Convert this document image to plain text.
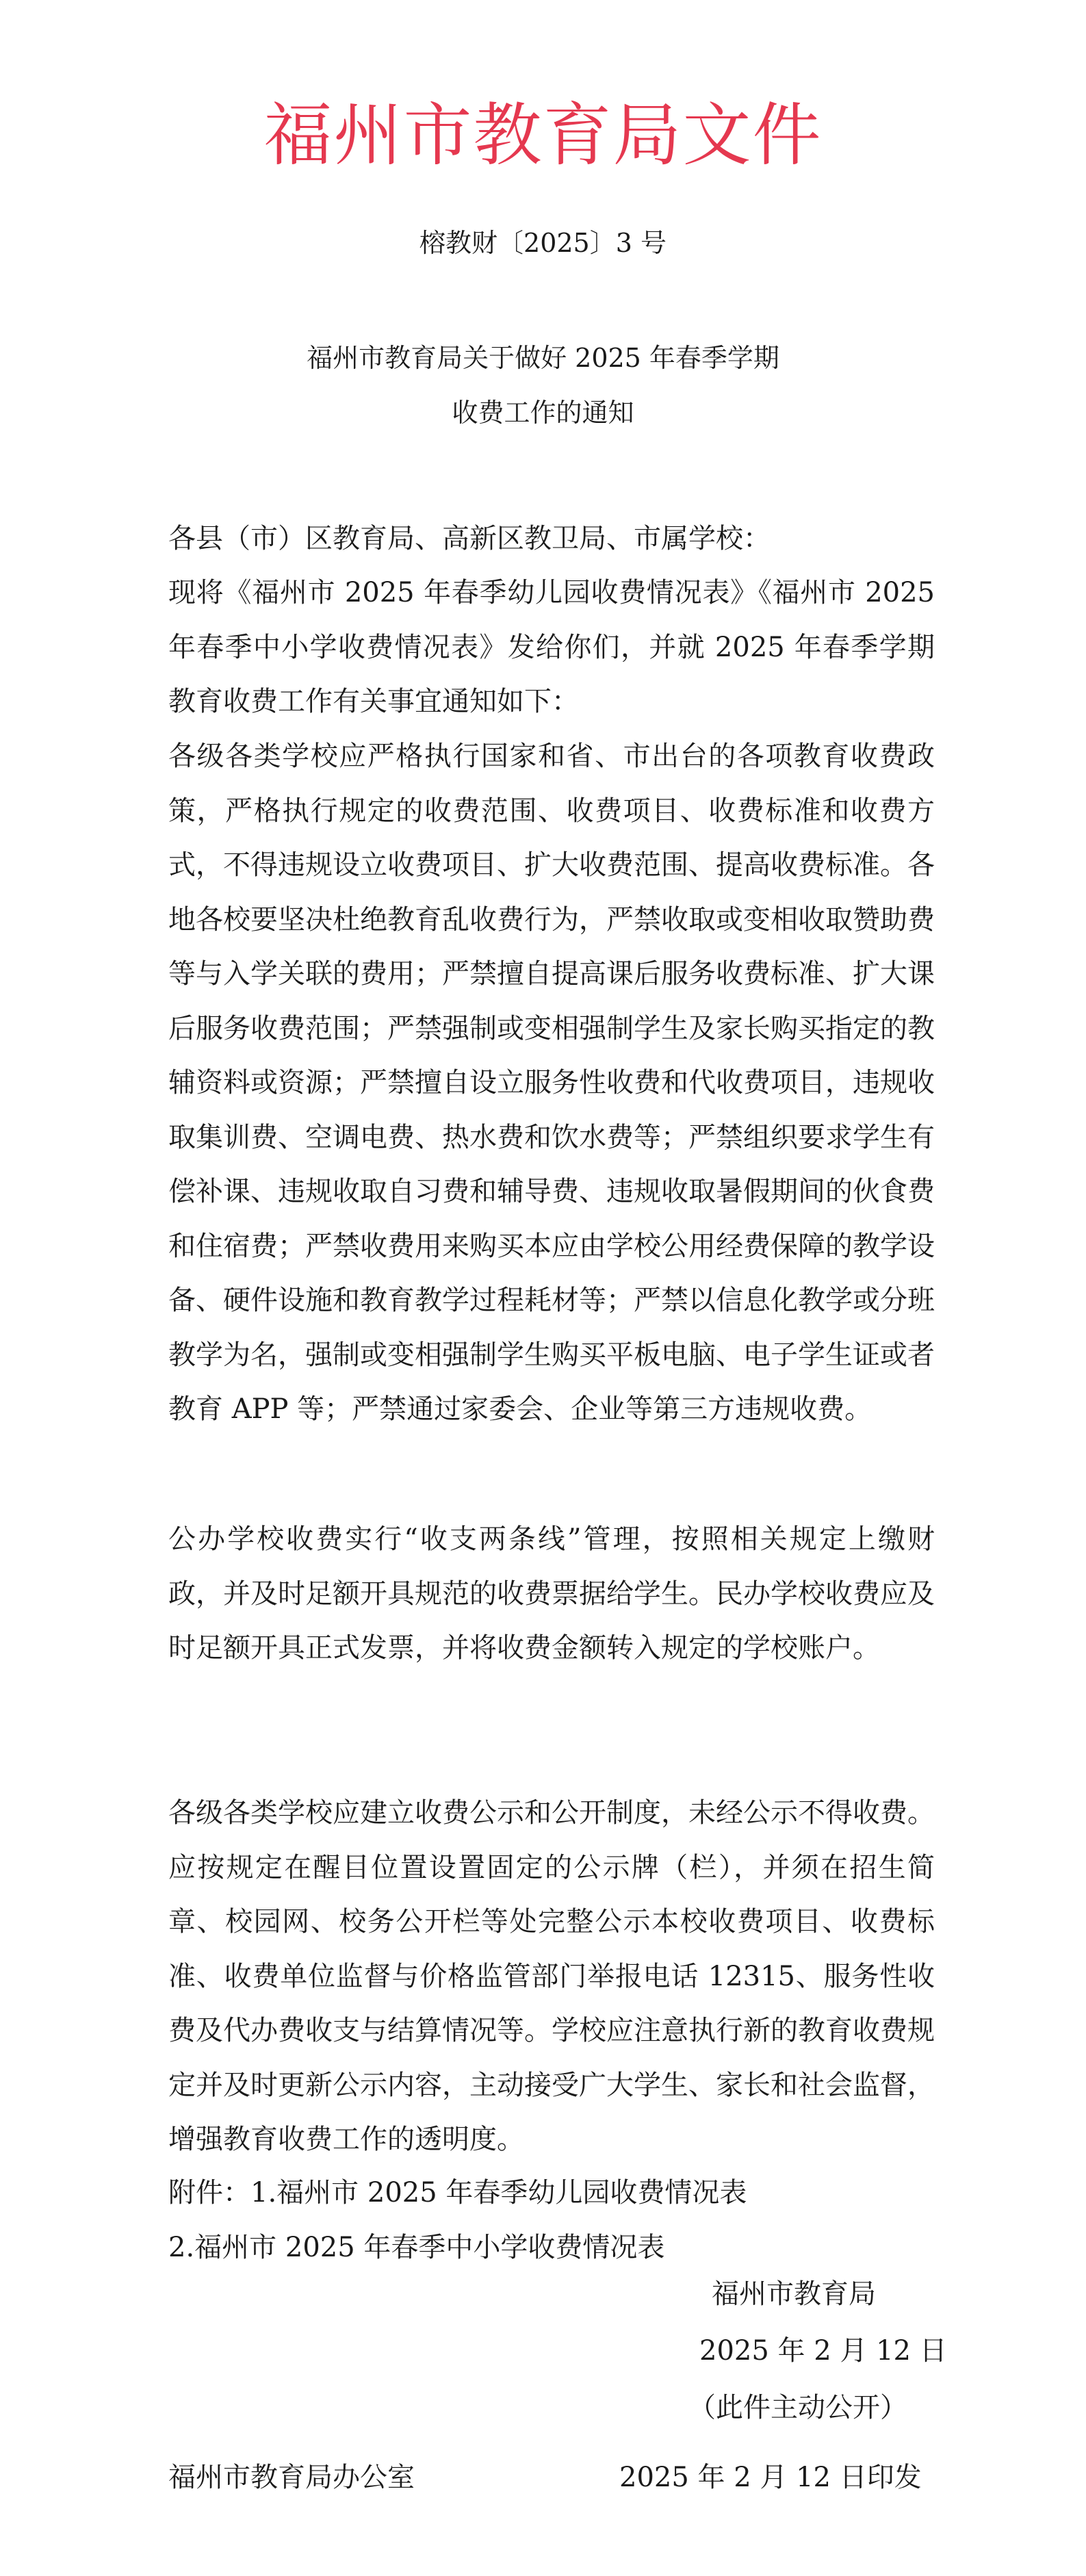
福州市教育局文件
榕教财〔2025〕3 号
福州市教育局关于做好 2025 年春季学期
收费工作的通知

各县（市）区教育局、高新区教卫局、市属学校：

现将《福州市 2025 年春季幼儿园收费情况表》《福州市 2025 年春季中小学收费情况表》发给你们，并就 2025 年春季学期教育收费工作有关事宜通知如下：

各级各类学校应严格执行国家和省、市出台的各项教育收费政策，严格执行规定的收费范围、收费项目、收费标准和收费方式，不得违规设立收费项目、扩大收费范围、提高收费标准。各地各校要坚决杜绝教育乱收费行为，严禁收取或变相收取赞助费等与入学关联的费用；严禁擅自提高课后服务收费标准、扩大课后服务收费范围；严禁强制或变相强制学生及家长购买指定的教辅资料或资源；严禁擅自设立服务性收费和代收费项目，违规收取集训费、空调电费、热水费和饮水费等；严禁组织要求学生有偿补课、违规收取自习费和辅导费、违规收取暑假期间的伙食费和住宿费；严禁收费用来购买本应由学校公用经费保障的教学设备、硬件设施和教育教学过程耗材等；严禁以信息化教学或分班教学为名，强制或变相强制学生购买平板电脑、电子学生证或者教育 APP 等；严禁通过家委会、企业等第三方违规收费。

公办学校收费实行“收支两条线”管理，按照相关规定上缴财政，并及时足额开具规范的收费票据给学生。民办学校收费应及时足额开具正式发票，并将收费金额转入规定的学校账户。

各级各类学校应建立收费公示和公开制度，未经公示不得收费。应按规定在醒目位置设置固定的公示牌（栏），并须在招生简章、校园网、校务公开栏等处完整公示本校收费项目、收费标准、收费单位监督与价格监管部门举报电话 12315、服务性收费及代办费收支与结算情况等。学校应注意执行新的教育收费规定并及时更新公示内容，主动接受广大学生、家长和社会监督，增强教育收费工作的透明度。

附件：1.福州市 2025 年春季幼儿园收费情况表

2.福州市 2025 年春季中小学收费情况表

福州市教育局
2025 年 2 月 12 日
（此件主动公开）
福州市教育局办公室	2025 年 2 月 12 日印发
